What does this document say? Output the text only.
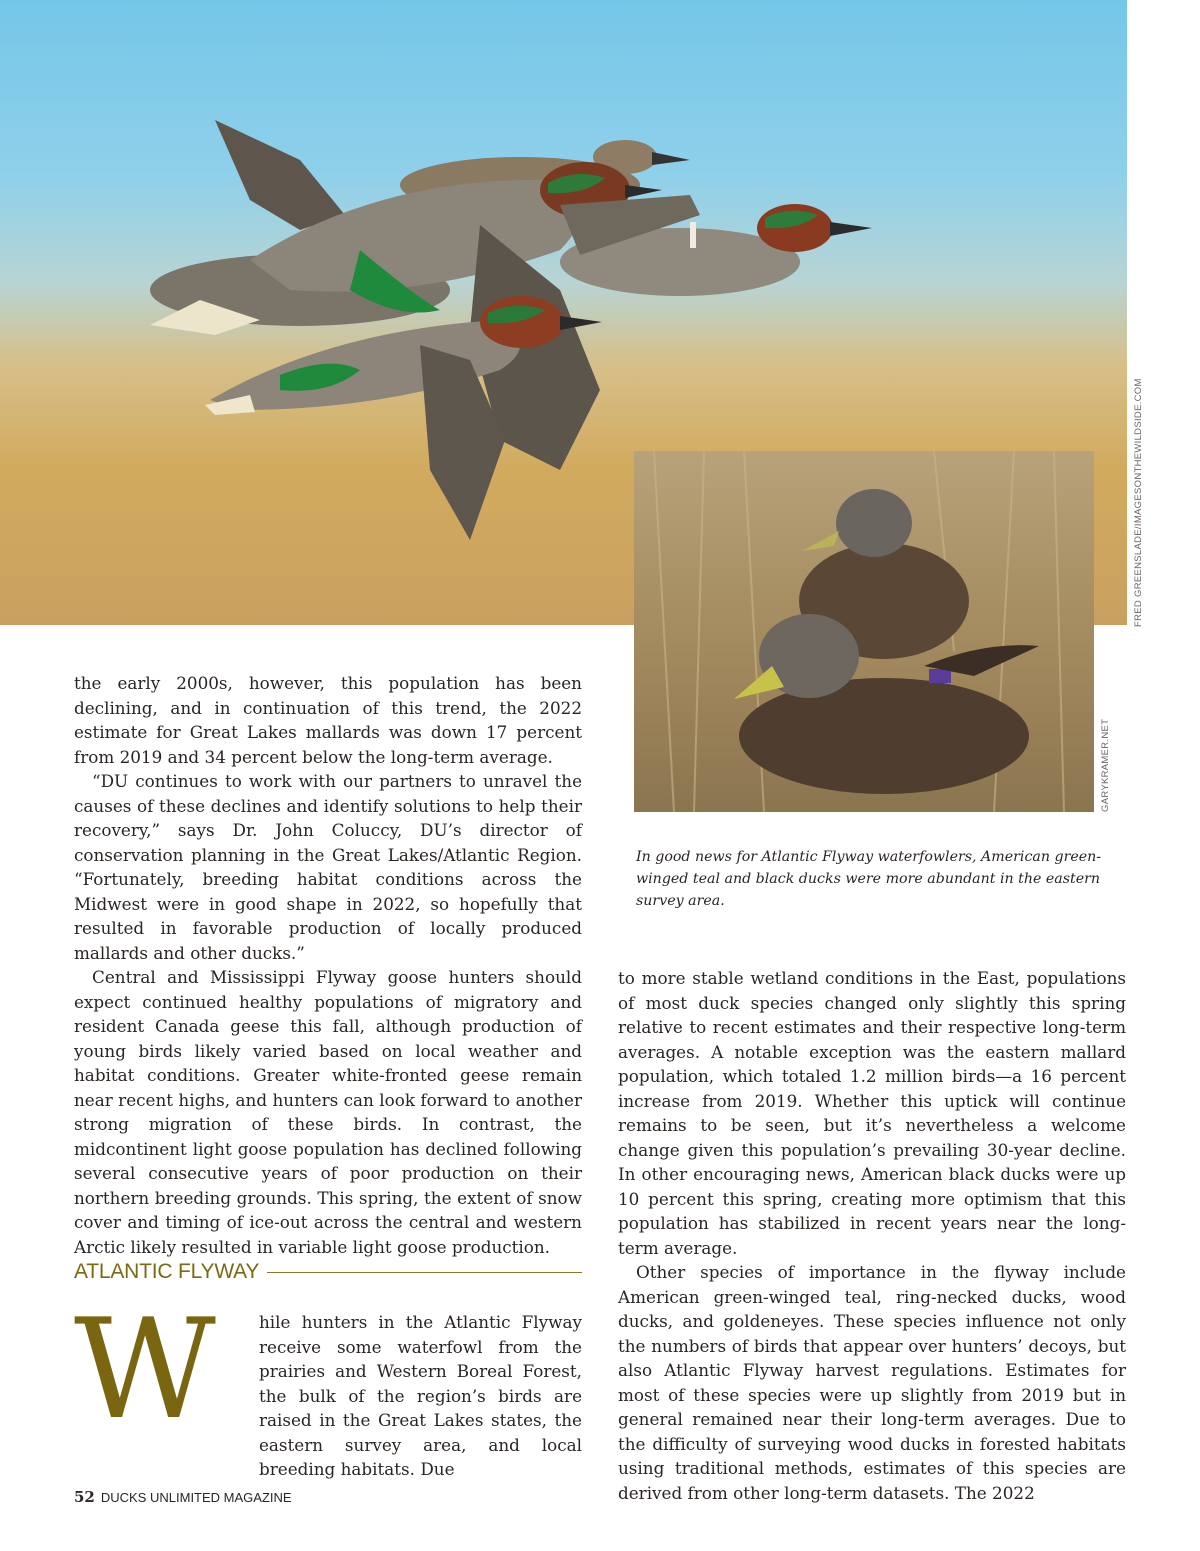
FRED GREENSLADE/IMAGESONTHEWILDSIDE.COM
GARYKRAMER.NET
In good news for Atlantic Flyway waterfowlers, American green-winged teal and black ducks were more abundant in the eastern survey area.

the early 2000s, however, this population has been declining, and in continuation of this trend, the 2022 estimate for Great Lakes mallards was down 17 percent from 2019 and 34 percent below the long-term average.

“DU continues to work with our partners to unravel the causes of these declines and identify solutions to help their recovery,” says Dr. John Coluccy, DU’s director of conservation planning in the Great Lakes/Atlantic Region. “Fortunately, breeding habitat conditions across the Midwest were in good shape in 2022, so hopefully that resulted in favorable production of locally produced mallards and other ducks.”

Central and Mississippi Flyway goose hunters should expect continued healthy populations of migratory and resident Canada geese this fall, although production of young birds likely varied based on local weather and habitat conditions. Greater white-fronted geese remain near recent highs, and hunters can look forward to another strong migration of these birds. In contrast, the midcontinent light goose population has declined following several consecutive years of poor production on their northern breeding grounds. This spring, the extent of snow cover and timing of ice-out across the central and western Arctic likely resulted in variable light goose production.

ATLANTIC FLYWAY
W	hile hunters in the Atlantic Flyway receive some waterfowl from the prairies and Western Boreal Forest, the bulk of the region’s birds are raised in the Great Lakes states, the eastern survey area, and local breeding habitats. Due

to more stable wetland conditions in the East, populations of most duck species changed only slightly this spring relative to recent estimates and their respective long-term averages. A notable exception was the eastern mallard population, which totaled 1.2 million birds—a 16 percent increase from 2019. Whether this uptick will continue remains to be seen, but it’s nevertheless a welcome change given this population’s prevailing 30-year decline. In other encouraging news, American black ducks were up 10 percent this spring, creating more optimism that this population has stabilized in recent years near the long-term average.

Other species of importance in the flyway include American green-winged teal, ring-necked ducks, wood ducks, and goldeneyes. These species influence not only the numbers of birds that appear over hunters’ decoys, but also Atlantic Flyway harvest regulations. Estimates for most of these species were up slightly from 2019 but in general remained near their long-term averages. Due to the difficulty of surveying wood ducks in forested habitats using traditional methods, estimates of this species are derived from other long-term datasets. The 2022

52 DUCKS UNLIMITED MAGAZINE
